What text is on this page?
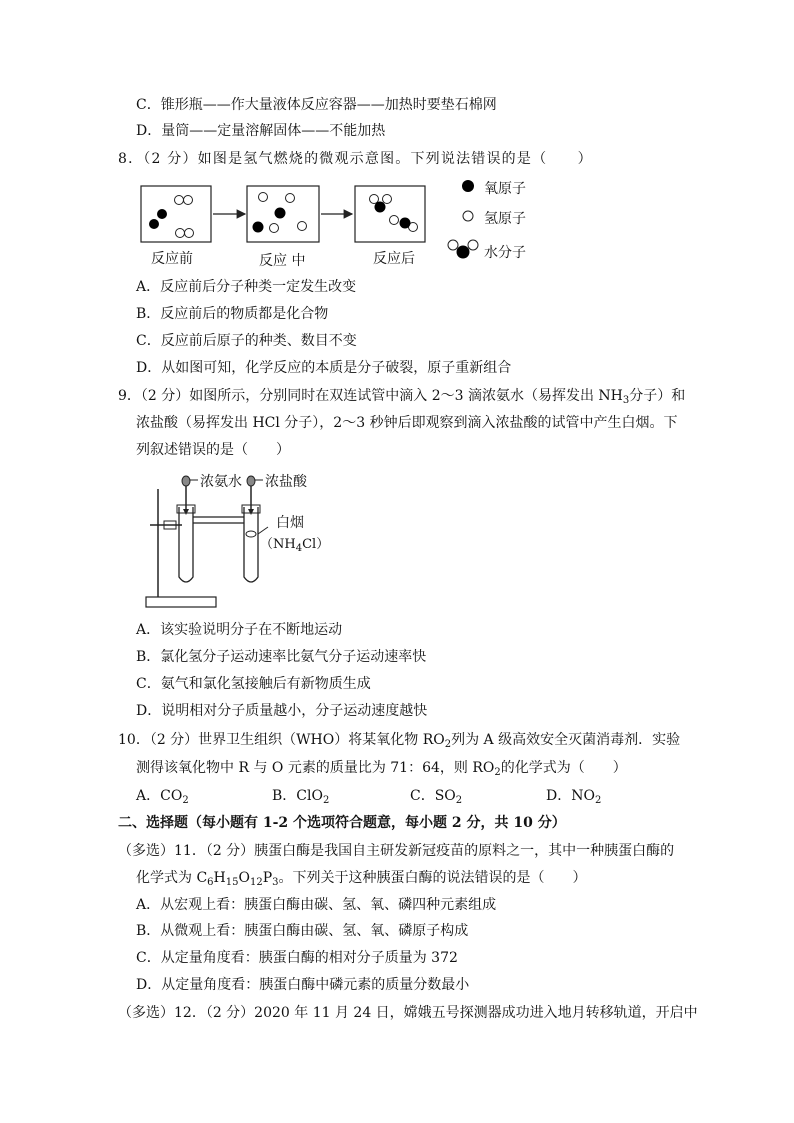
C．锥形瓶——作大量液体反应容器——加热时要垫石棉网
D．量筒——定量溶解固体——不能加热
8．（2 分）如图是氢气燃烧的微观示意图。下列说法错误的是（　　）
反应前	反应 中	反应后
氧原子
氢原子
水分子
A．反应前后分子种类一定发生改变
B．反应前后的物质都是化合物
C．反应前后原子的种类、数目不变
D．从如图可知，化学反应的本质是分子破裂，原子重新组合
9．（2 分）如图所示，分别同时在双连试管中滴入 2～3 滴浓氨水（易挥发出 $NH_3$分子）和
浓盐酸（易挥发出 HCl 分子），2～3 秒钟后即观察到滴入浓盐酸的试管中产生白烟。下
列叙述错误的是（　　）
浓氨水 浓盐酸
白烟
$(NH_4Cl)$
A．该实验说明分子在不断地运动
B．氯化氢分子运动速率比氨气分子运动速率快
C．氨气和氯化氢接触后有新物质生成
D．说明相对分子质量越小，分子运动速度越快
10．（2 分）世界卫生组织（WHO）将某氧化物 $RO_2$列为 A 级高效安全灭菌消毒剂．实验
测得该氧化物中 R 与 O 元素的质量比为 71：64，则 $RO_2$的化学式为（　　）
A．$CO_2$	B．ClO$_2$	C．$SO_2$	D．$NO_2$
二、选择题（每小题有 1-2 个选项符合题意，每小题 2 分，共 10 分）
（多选）11．（2 分）胰蛋白酶是我国自主研发新冠疫苗的原料之一，其中一种胰蛋白酶的
化学式为 $C_6H_{15}O_{12}P_3$。下列关于这种胰蛋白酶的说法错误的是（　　）
A．从宏观上看：胰蛋白酶由碳、氢、氧、磷四种元素组成
B．从微观上看：胰蛋白酶由碳、氢、氧、磷原子构成
C．从定量角度看：胰蛋白酶的相对分子质量为 372
D．从定量角度看：胰蛋白酶中磷元素的质量分数最小
（多选）12．（2 分）2020 年 11 月 24 日，嫦娥五号探测器成功进入地月转移轨道，开启中
